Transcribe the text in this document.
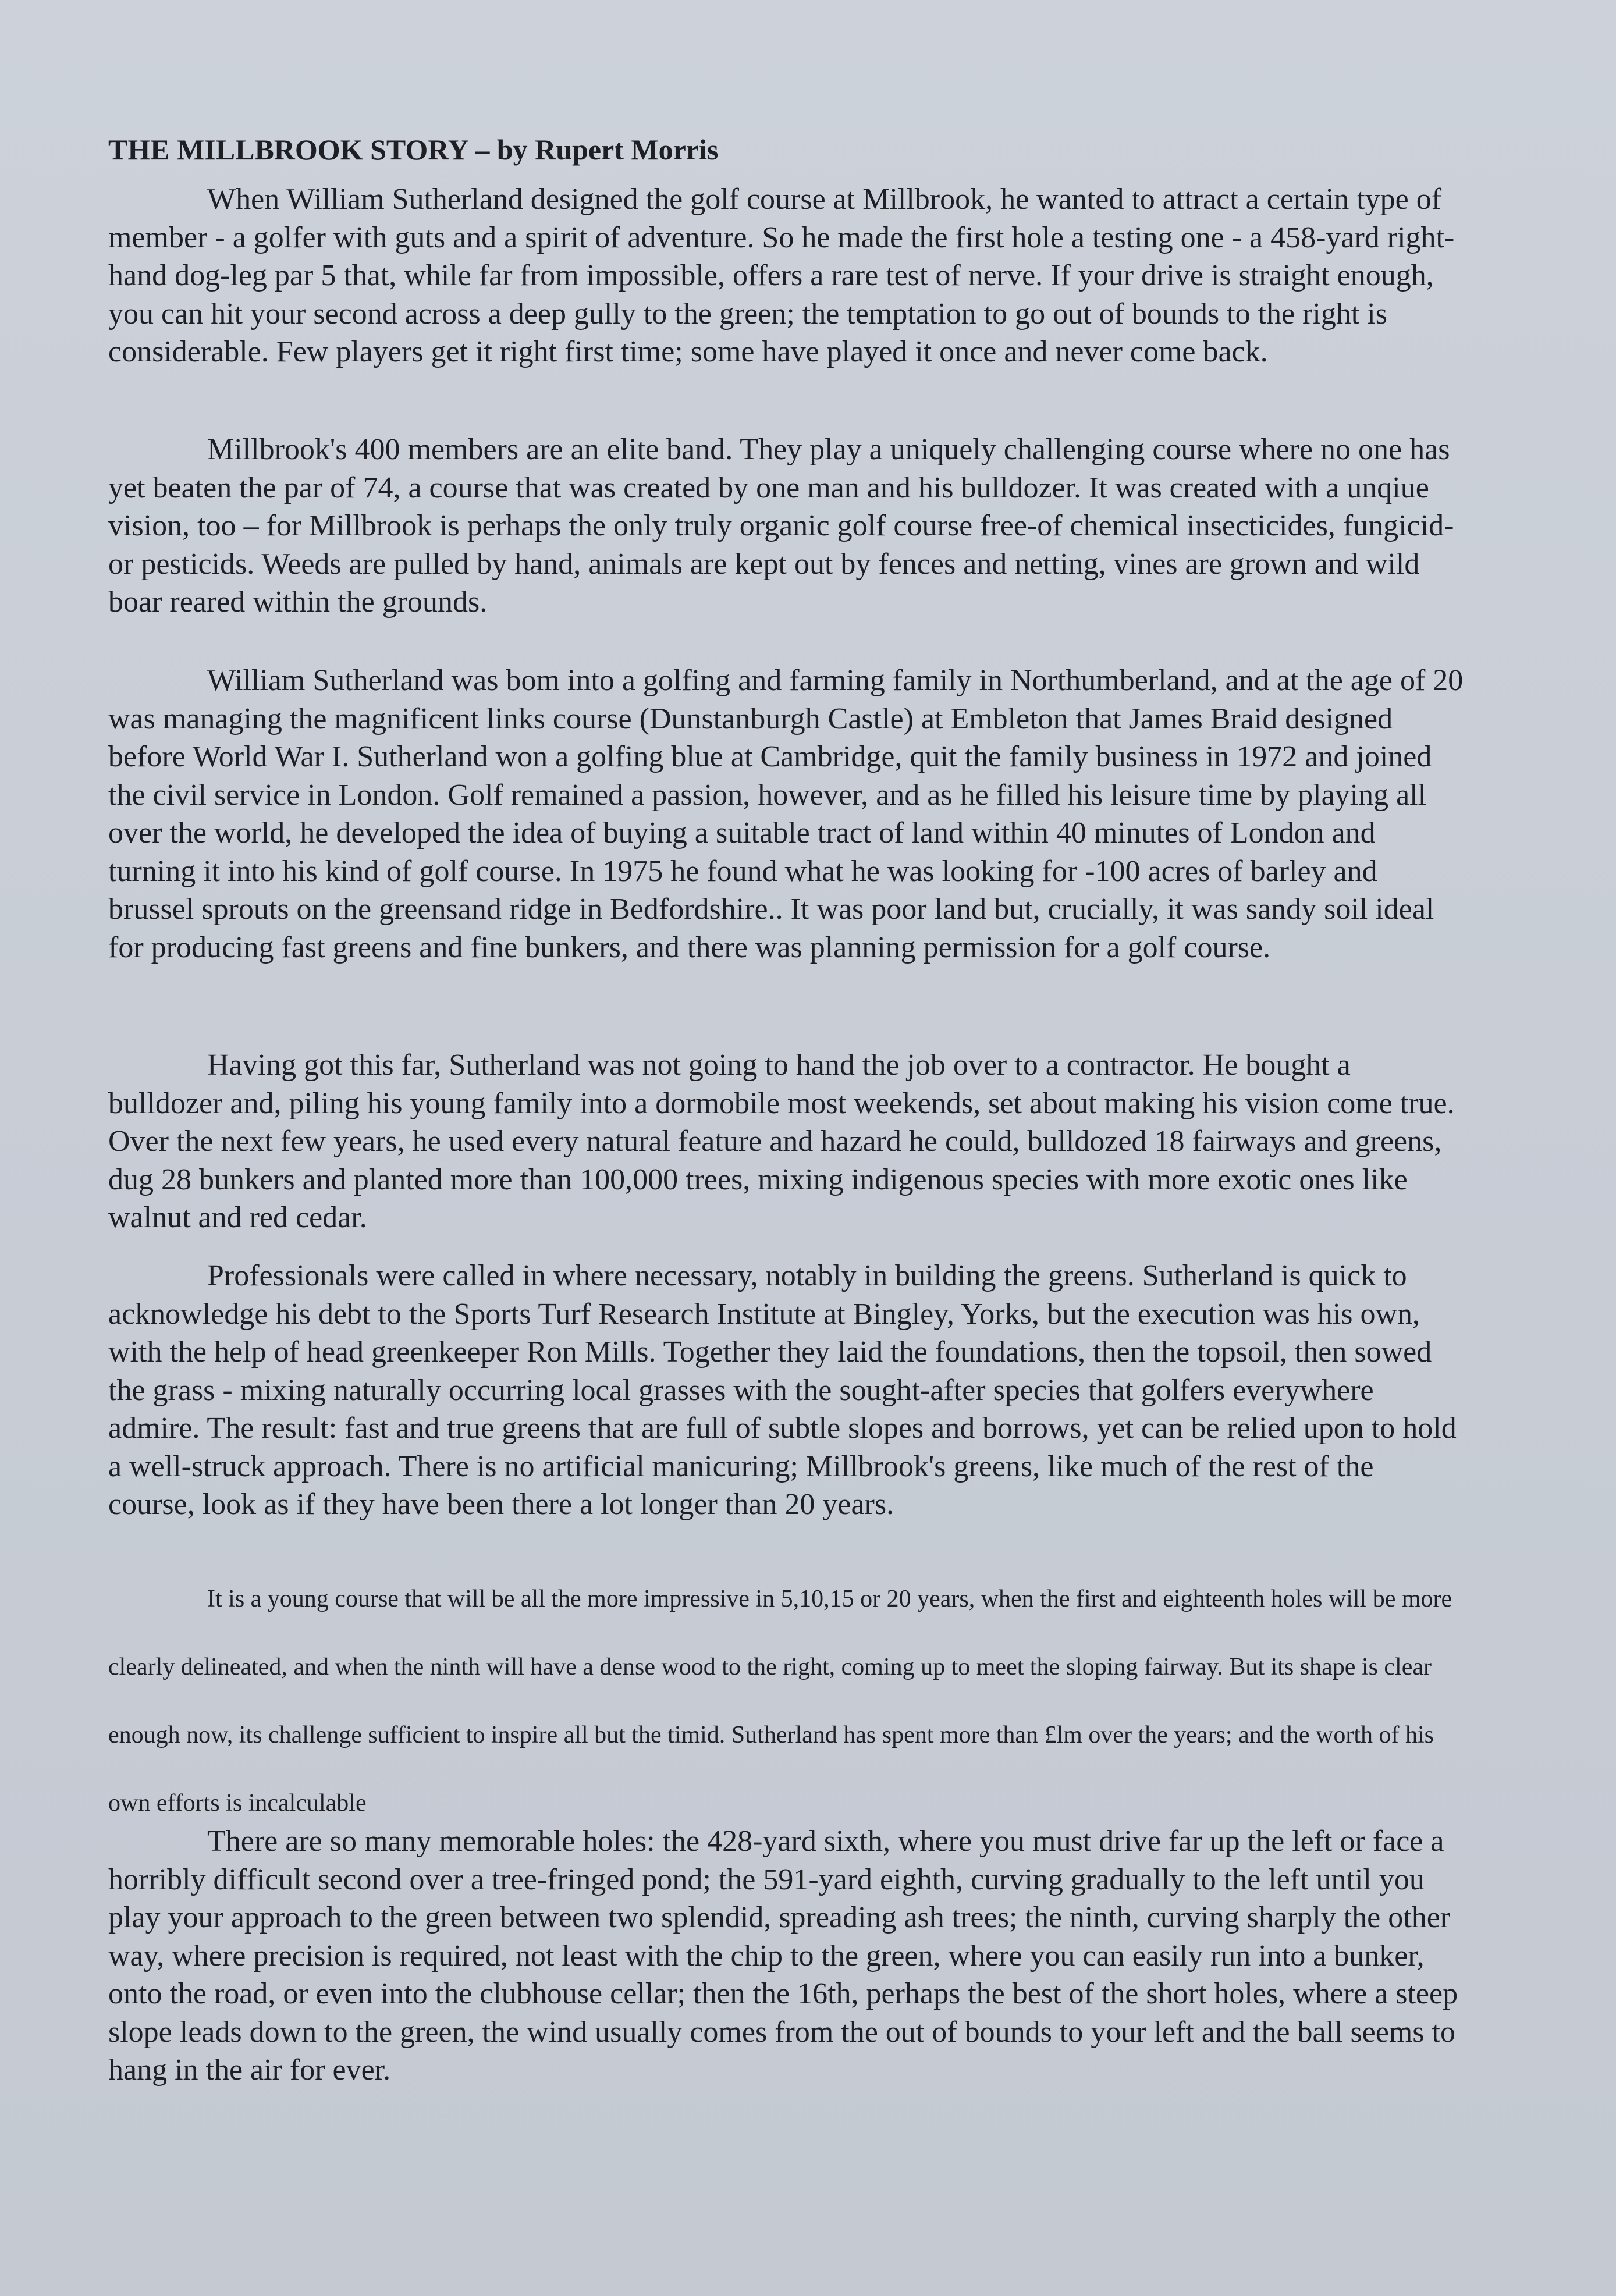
THE MILLBROOK STORY – by Rupert Morris

When William Sutherland designed the golf course at Millbrook, he wanted to attract a certain type of member - a golfer with guts and a spirit of adventure. So he made the first hole a testing one - a 458-yard right-hand dog-leg par 5 that, while far from impossible, offers a rare test of nerve. If your drive is straight enough, you can hit your second across a deep gully to the green; the temptation to go out of bounds to the right is considerable. Few players get it right first time; some have played it once and never come back.

Millbrook's 400 members are an elite band. They play a uniquely challenging course where no one has yet beaten the par of 74, a course that was created by one man and his bulldozer. It was created with a unqiue vision, too – for Millbrook is perhaps the only truly organic golf course free-of chemical insecticides, fungicid-or pesticids. Weeds are pulled by hand, animals are kept out by fences and netting, vines are grown and wild boar reared within the grounds.

William Sutherland was bom into a golfing and farming family in Northumberland, and at the age of 20 was managing the magnificent links course (Dunstanburgh Castle) at Embleton that James Braid designed before World War I. Sutherland won a golfing blue at Cambridge, quit the family business in 1972 and joined the civil service in London. Golf remained a passion, however, and as he filled his leisure time by playing all over the world, he developed the idea of buying a suitable tract of land within 40 minutes of London and turning it into his kind of golf course. In 1975 he found what he was looking for -100 acres of barley and brussel sprouts on the greensand ridge in Bedfordshire.. It was poor land but, crucially, it was sandy soil ideal for producing fast greens and fine bunkers, and there was planning permission for a golf course.

Having got this far, Sutherland was not going to hand the job over to a contractor. He bought a bulldozer and, piling his young family into a dormobile most weekends, set about making his vision come true. Over the next few years, he used every natural feature and hazard he could, bulldozed 18 fairways and greens, dug 28 bunkers and planted more than 100,000 trees, mixing indigenous species with more exotic ones like walnut and red cedar.

Professionals were called in where necessary, notably in building the greens. Sutherland is quick to acknowledge his debt to the Sports Turf Research Institute at Bingley, Yorks, but the execution was his own, with the help of head greenkeeper Ron Mills. Together they laid the foundations, then the topsoil, then sowed the grass - mixing naturally occurring local grasses with the sought-after species that golfers everywhere admire. The result: fast and true greens that are full of subtle slopes and borrows, yet can be relied upon to hold a well-struck approach. There is no artificial manicuring; Millbrook's greens, like much of the rest of the course, look as if they have been there a lot longer than 20 years.

It is a young course that will be all the more impressive in 5,10,15 or 20 years, when the first and eighteenth holes will be more clearly delineated, and when the ninth will have a dense wood to the right, coming up to meet the sloping fairway. But its shape is clear enough now, its challenge sufficient to inspire all but the timid. Sutherland has spent more than £lm over the years; and the worth of his own efforts is incalculable

There are so many memorable holes: the 428-yard sixth, where you must drive far up the left or face a horribly difficult second over a tree-fringed pond; the 591-yard eighth, curving gradually to the left until you play your approach to the green between two splendid, spreading ash trees; the ninth, curving sharply the other way, where precision is required, not least with the chip to the green, where you can easily run into a bunker, onto the road, or even into the clubhouse cellar; then the 16th, perhaps the best of the short holes, where a steep slope leads down to the green, the wind usually comes from the out of bounds to your left and the ball seems to hang in the air for ever.
